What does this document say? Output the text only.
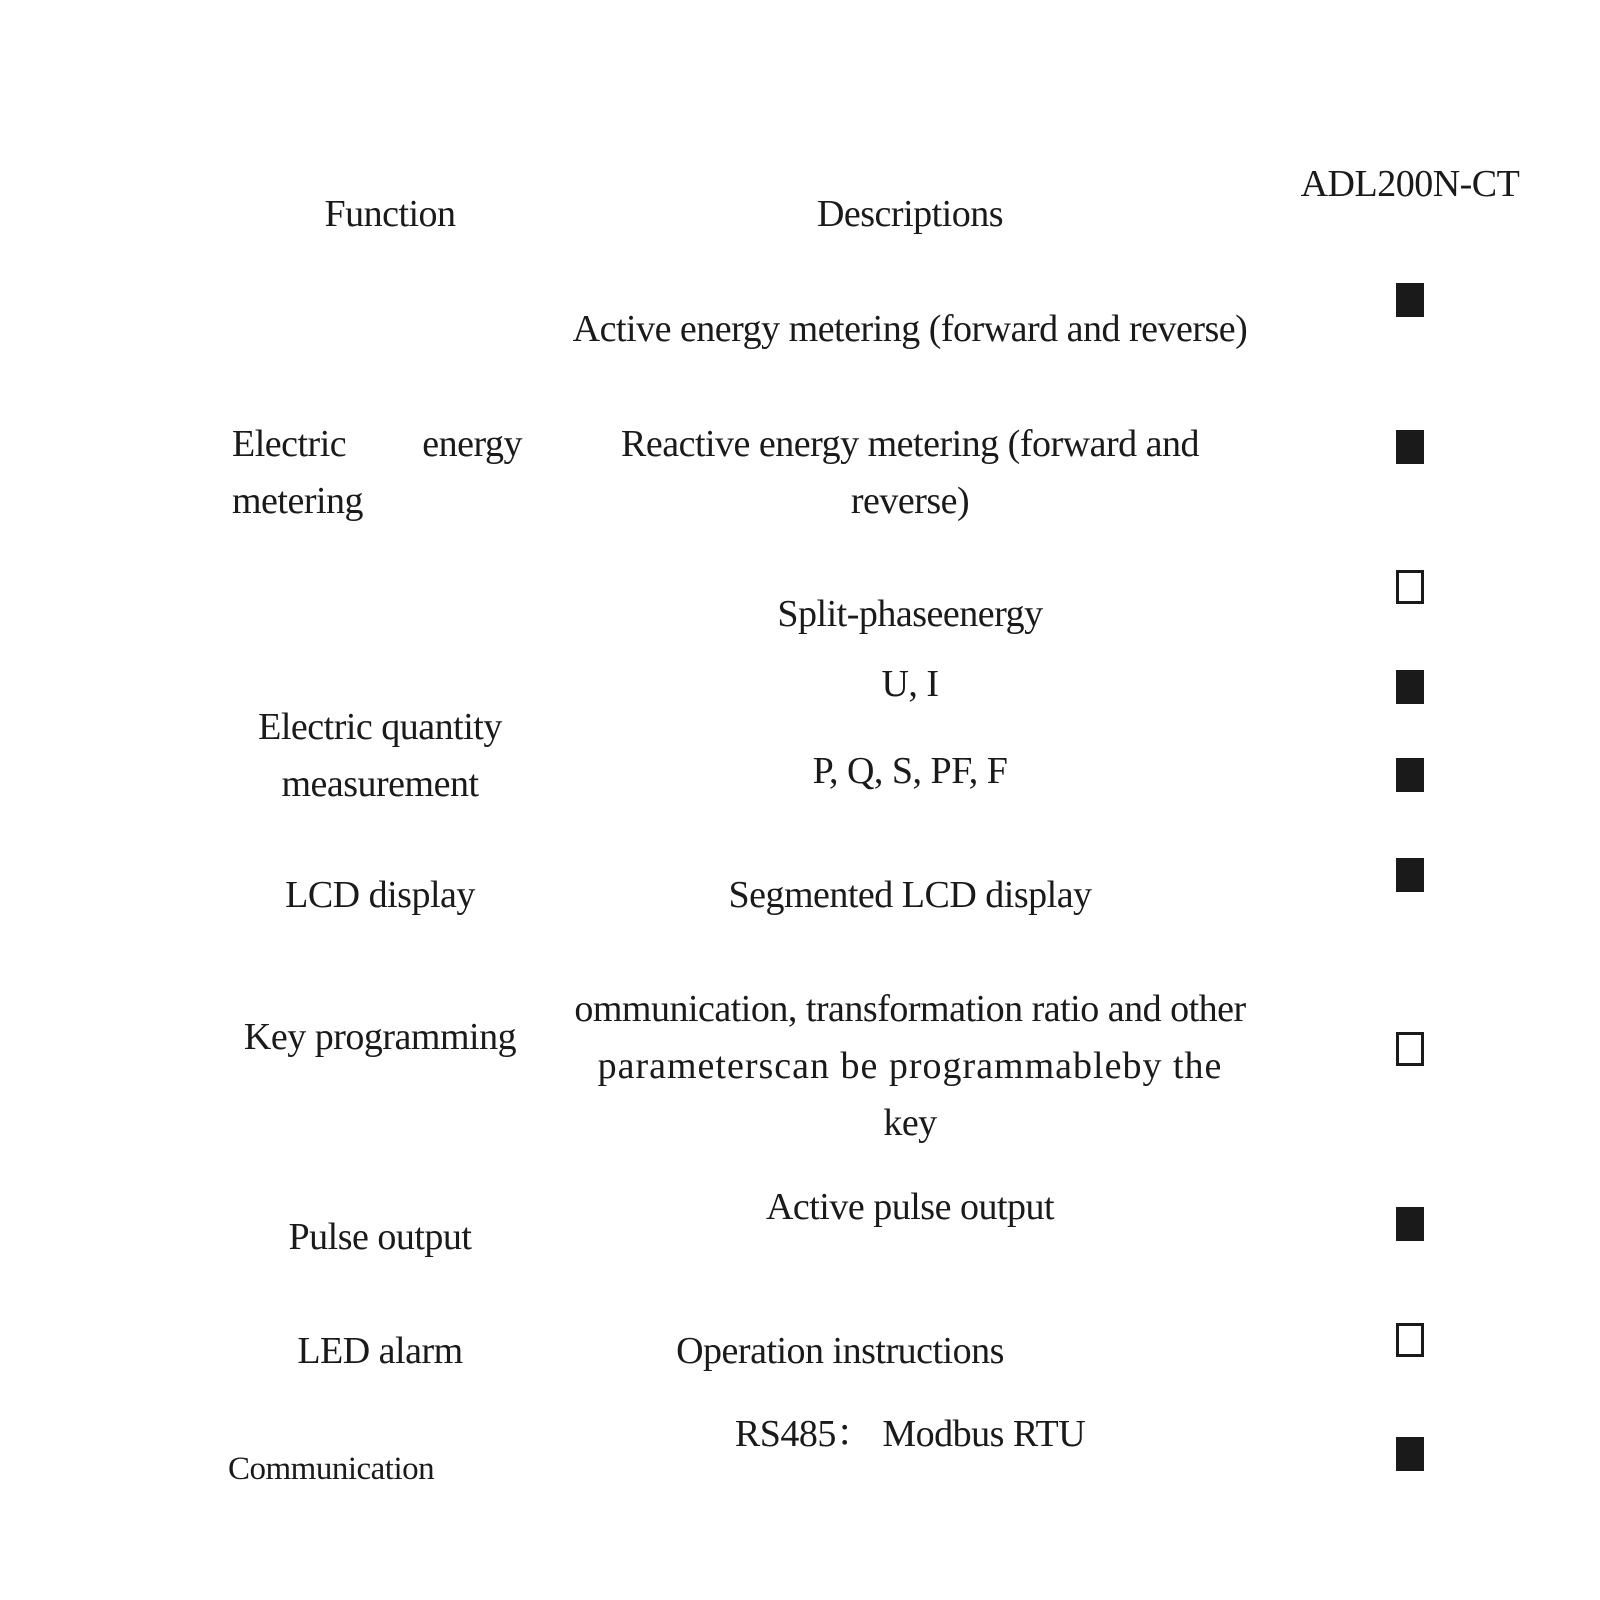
Function	Descriptions
ADL200N-CT
Electric energy
metering
Electric quantity
measurement
LCD display
Key programming
Pulse output
LED alarm
Communication
Active energy metering (forward and reverse)
Reactive energy metering (forward and
reverse)
Split-phaseenergy
U, I
P, Q, S, PF, F
Segmented LCD display
ommunication, transformation ratio and other
parameterscan be programmableby the
key
Active pulse output
Operation instructions
RS485： Modbus RTU
